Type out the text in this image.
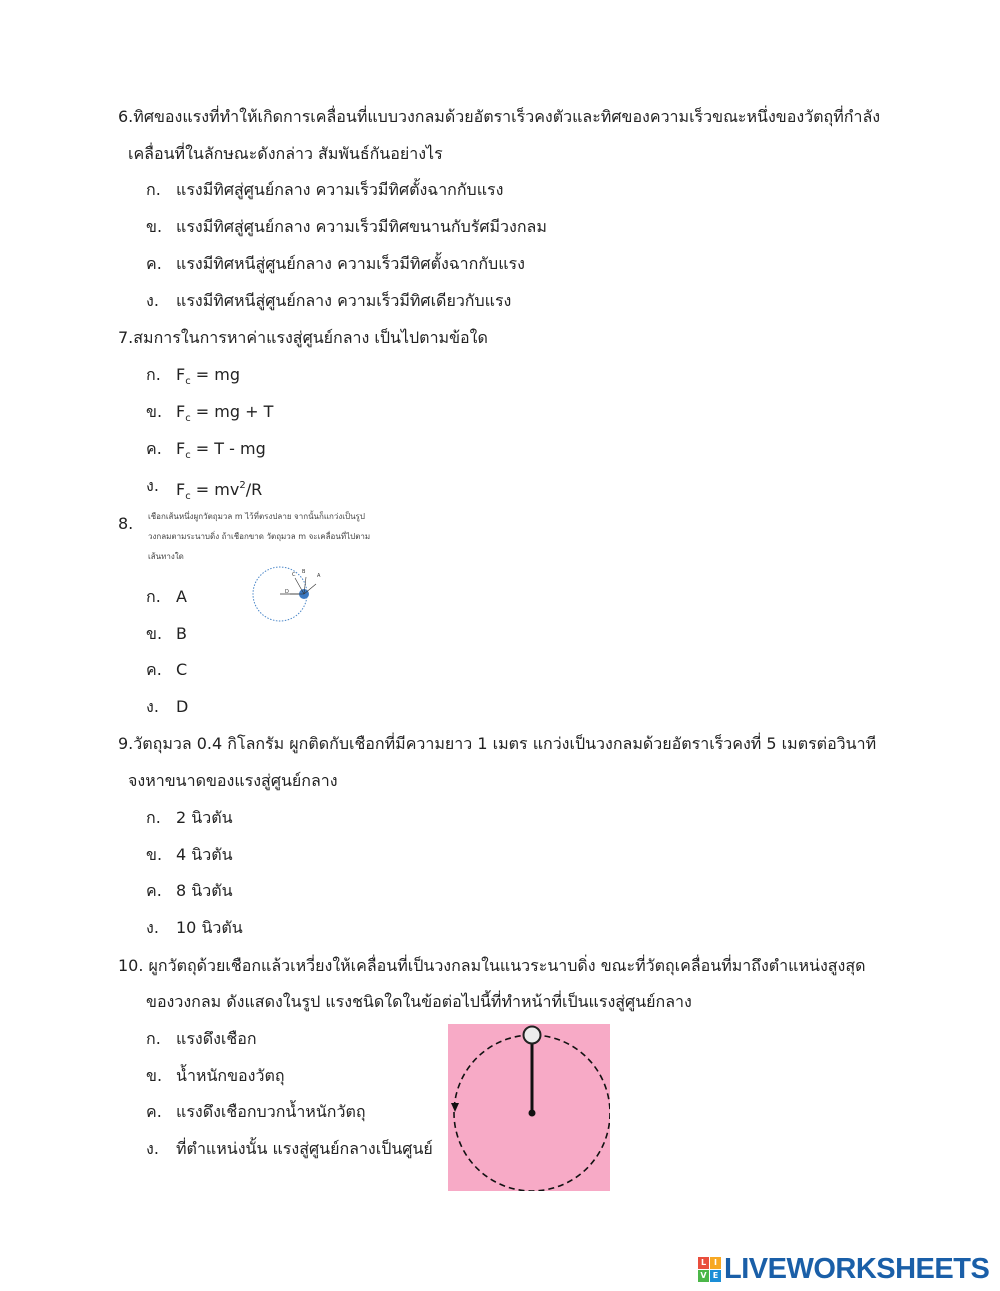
6.ทิศของแรงที่ทำให้เกิดการเคลื่อนที่แบบวงกลมด้วยอัตราเร็วคงตัวและทิศของความเร็วขณะหนึ่งของวัตถุที่กำลัง
เคลื่อนที่ในลักษณะดังกล่าว สัมพันธ์กันอย่างไร
ก. แรงมีทิศสู่ศูนย์กลาง ความเร็วมีทิศตั้งฉากกับแรง
ข. แรงมีทิศสู่ศูนย์กลาง ความเร็วมีทิศขนานกับรัศมีวงกลม
ค. แรงมีทิศหนีสู่ศูนย์กลาง ความเร็วมีทิศตั้งฉากกับแรง
ง. แรงมีทิศหนีสู่ศูนย์กลาง ความเร็วมีทิศเดียวกับแรง
7.สมการในการหาค่าแรงสู่ศูนย์กลาง เป็นไปตามข้อใด
ก. $F_c$ = mg
ข. $F_c$ = mg + T
ค. $F_c = T$ - mg
ง. $F_c = mv^2/R$
8. เชือกเส้นหนึ่งผูกวัตถุมวล m ไว้ที่ตรงปลาย จากนั้นก็แกว่งเป็นรูป
วงกลมตามระนาบดิ่ง ถ้าเชือกขาด วัตถุมวล m จะเคลื่อนที่ไปตาม
เส้นทางใด
A
B
C
D
ก. A
ข. B
ค. C
ง. D
9.วัตถุมวล 0.4 กิโลกรัม ผูกติดกับเชือกที่มีความยาว 1 เมตร แกว่งเป็นวงกลมด้วยอัตราเร็วคงที่ 5 เมตรต่อวินาที
จงหาขนาดของแรงสู่ศูนย์กลาง
ก. 2 นิวตัน
ข. 4 นิวตัน
ค. 8 นิวตัน
ง. 10 นิวตัน
10. ผูกวัตถุด้วยเชือกแล้วเหวี่ยงให้เคลื่อนที่เป็นวงกลมในแนวระนาบดิ่ง ขณะที่วัตถุเคลื่อนที่มาถึงตำแหน่งสูงสุด
ของวงกลม ดังแสดงในรูป แรงชนิดใดในข้อต่อไปนี้ที่ทำหน้าที่เป็นแรงสู่ศูนย์กลาง
ก. แรงดึงเชือก
ข. น้ำหนักของวัตถุ
ค. แรงดึงเชือกบวกน้ำหนักวัตถุ
ง. ที่ตำแหน่งนั้น แรงสู่ศูนย์กลางเป็นศูนย์
L I
V E LIVEWORKSHEETS
